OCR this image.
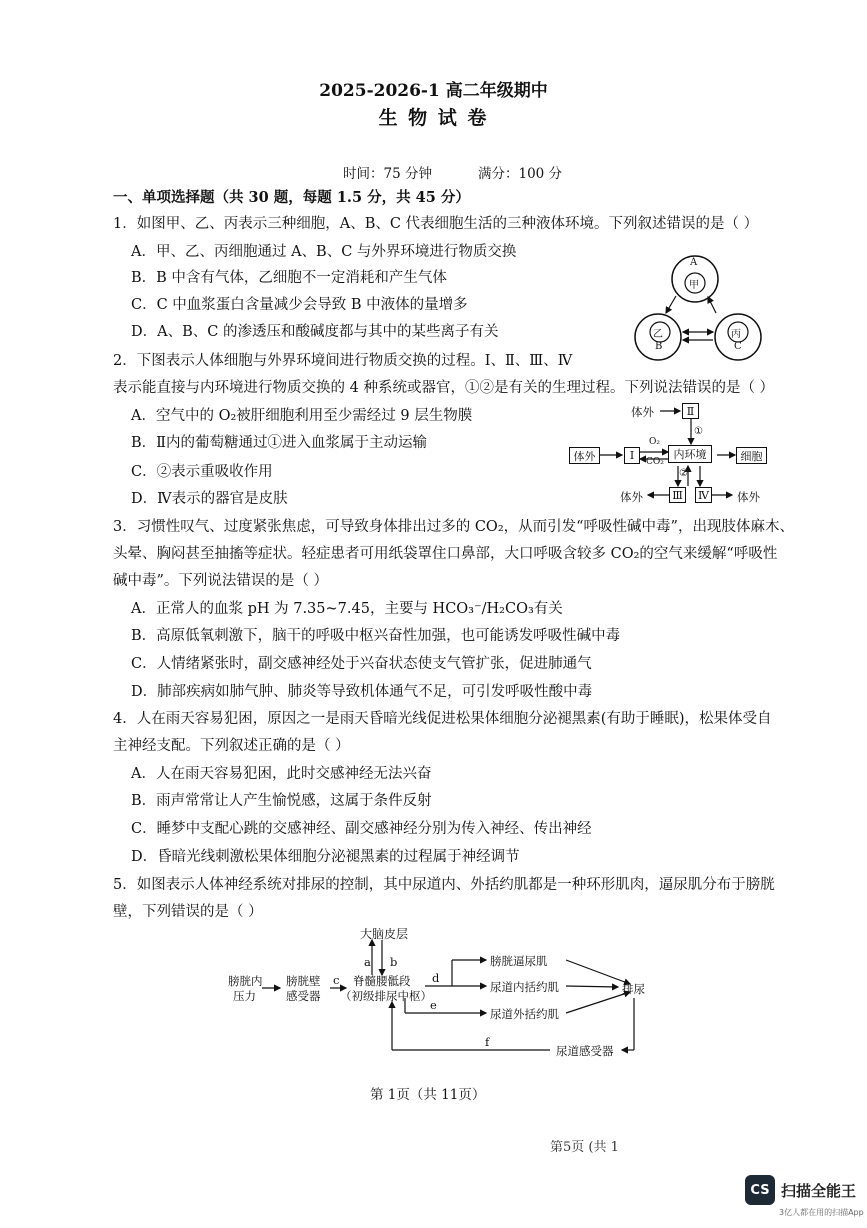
2025-2026-1 高二年级期中
生 物 试 卷
时间：75 分钟	满分：100 分
一、单项选择题（共 30 题，每题 1.5 分，共 45 分）
1．如图甲、乙、丙表示三种细胞，A、B、C 代表细胞生活的三种液体环境。下列叙述错误的是（ ）
A．甲、乙、丙细胞通过 A、B、C 与外界环境进行物质交换
B．B 中含有气体，乙细胞不一定消耗和产生气体
C．C 中血浆蛋白含量减少会导致 B 中液体的量增多
D．A、B、C 的渗透压和酸碱度都与其中的某些离子有关
A
甲
乙
B
丙
C
2．下图表示人体细胞与外界环境间进行物质交换的过程。Ⅰ、Ⅱ、Ⅲ、Ⅳ
表示能直接与内环境进行物质交换的 4 种系统或器官，①②是有关的生理过程。下列说法错误的是（ ）
A．空气中的 O₂被肝细胞利用至少需经过 9 层生物膜
B．Ⅱ内的葡萄糖通过①进入血浆属于主动运输
C．②表示重吸收作用
D．Ⅳ表示的器官是皮肤
体外	Ⅱ
①
体外	Ⅰ
O₂
CO₂
内环境	细胞
②
体外	Ⅲ Ⅳ 体外
3．习惯性叹气、过度紧张焦虑，可导致身体排出过多的 CO₂，从而引发“呼吸性碱中毒”，出现肢体麻木、
头晕、胸闷甚至抽搐等症状。轻症患者可用纸袋罩住口鼻部，大口呼吸含较多 CO₂的空气来缓解“呼吸性
碱中毒”。下列说法错误的是（ ）
A．正常人的血浆 pH 为 7.35~7.45，主要与 HCO₃⁻/H₂CO₃有关
B．高原低氧刺激下，脑干的呼吸中枢兴奋性加强，也可能诱发呼吸性碱中毒
C．人情绪紧张时，副交感神经处于兴奋状态使支气管扩张，促进肺通气
D．肺部疾病如肺气肿、肺炎等导致机体通气不足，可引发呼吸性酸中毒
4．人在雨天容易犯困，原因之一是雨天昏暗光线促进松果体细胞分泌褪黑素(有助于睡眠)，松果体受自
主神经支配。下列叙述正确的是（ ）
A．人在雨天容易犯困，此时交感神经无法兴奋
B．雨声常常让人产生愉悦感，这属于条件反射
C．睡梦中支配心跳的交感神经、副交感神经分别为传入神经、传出神经
D．昏暗光线刺激松果体细胞分泌褪黑素的过程属于神经调节
5．如图表示人体神经系统对排尿的控制，其中尿道内、外括约肌都是一种环形肌肉，逼尿肌分布于膀胱
壁，下列错误的是（ ）
大脑皮层
a b
膀胱内
压力
膀胱壁
感受器
c 脊髓腰骶段
（初级排尿中枢）
d
膀胱逼尿肌
尿道内括约肌	排尿
e
尿道外括约肌
f
尿道感受器
第 1页（共 11页）
第5页 (共 1
CS 扫描全能王
3亿人都在用的扫描App
